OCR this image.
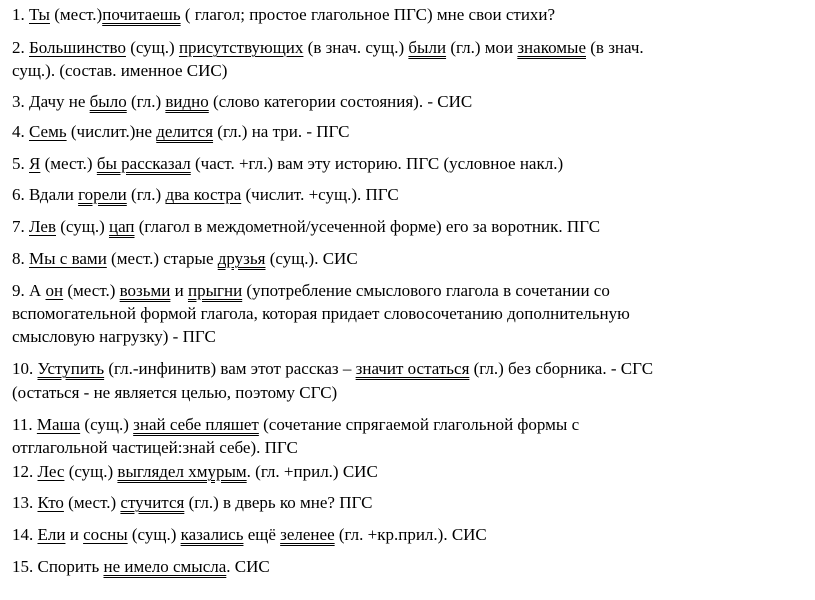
1. Ты (мест.)почитаешь ( глагол; простое глагольное ПГС) мне свои стихи?
2. Большинство (сущ.) присутствующих (в знач. сущ.) были (гл.) мои знакомые (в знач.
сущ.). (состав. именное СИС)
3. Дачу не было (гл.) видно (слово категории состояния). - СИС
4. Семь (числит.)не делится (гл.) на три. - ПГС
5. Я (мест.) бы рассказал (част. +гл.) вам эту историю. ПГС (условное накл.)
6. Вдали горели (гл.) два костра (числит. +сущ.). ПГС
7. Лев (сущ.) цап (глагол в междометной/усеченной форме) его за воротник. ПГС
8. Мы с вами (мест.) старые друзья (сущ.). СИС
9. А он (мест.) возьми и прыгни (употребление смыслового глагола в сочетании со
вспомогательной формой глагола, которая придает словосочетанию дополнительную
смысловую нагрузку) - ПГС
10. Уступить (гл.-инфинитв) вам этот рассказ – значит остаться (гл.) без сборника. - СГС
(остаться - не является целью, поэтому СГС)
11. Маша (сущ.) знай себе пляшет (сочетание спрягаемой глагольной формы с
отглагольной частицей:знай себе). ПГС
12. Лес (сущ.) выглядел хмурым. (гл. +прил.) СИС
13. Кто (мест.) стучится (гл.) в дверь ко мне? ПГС
14. Ели и сосны (сущ.) казались ещё зеленее (гл. +кр.прил.). СИС
15. Спорить не имело смысла. СИС
